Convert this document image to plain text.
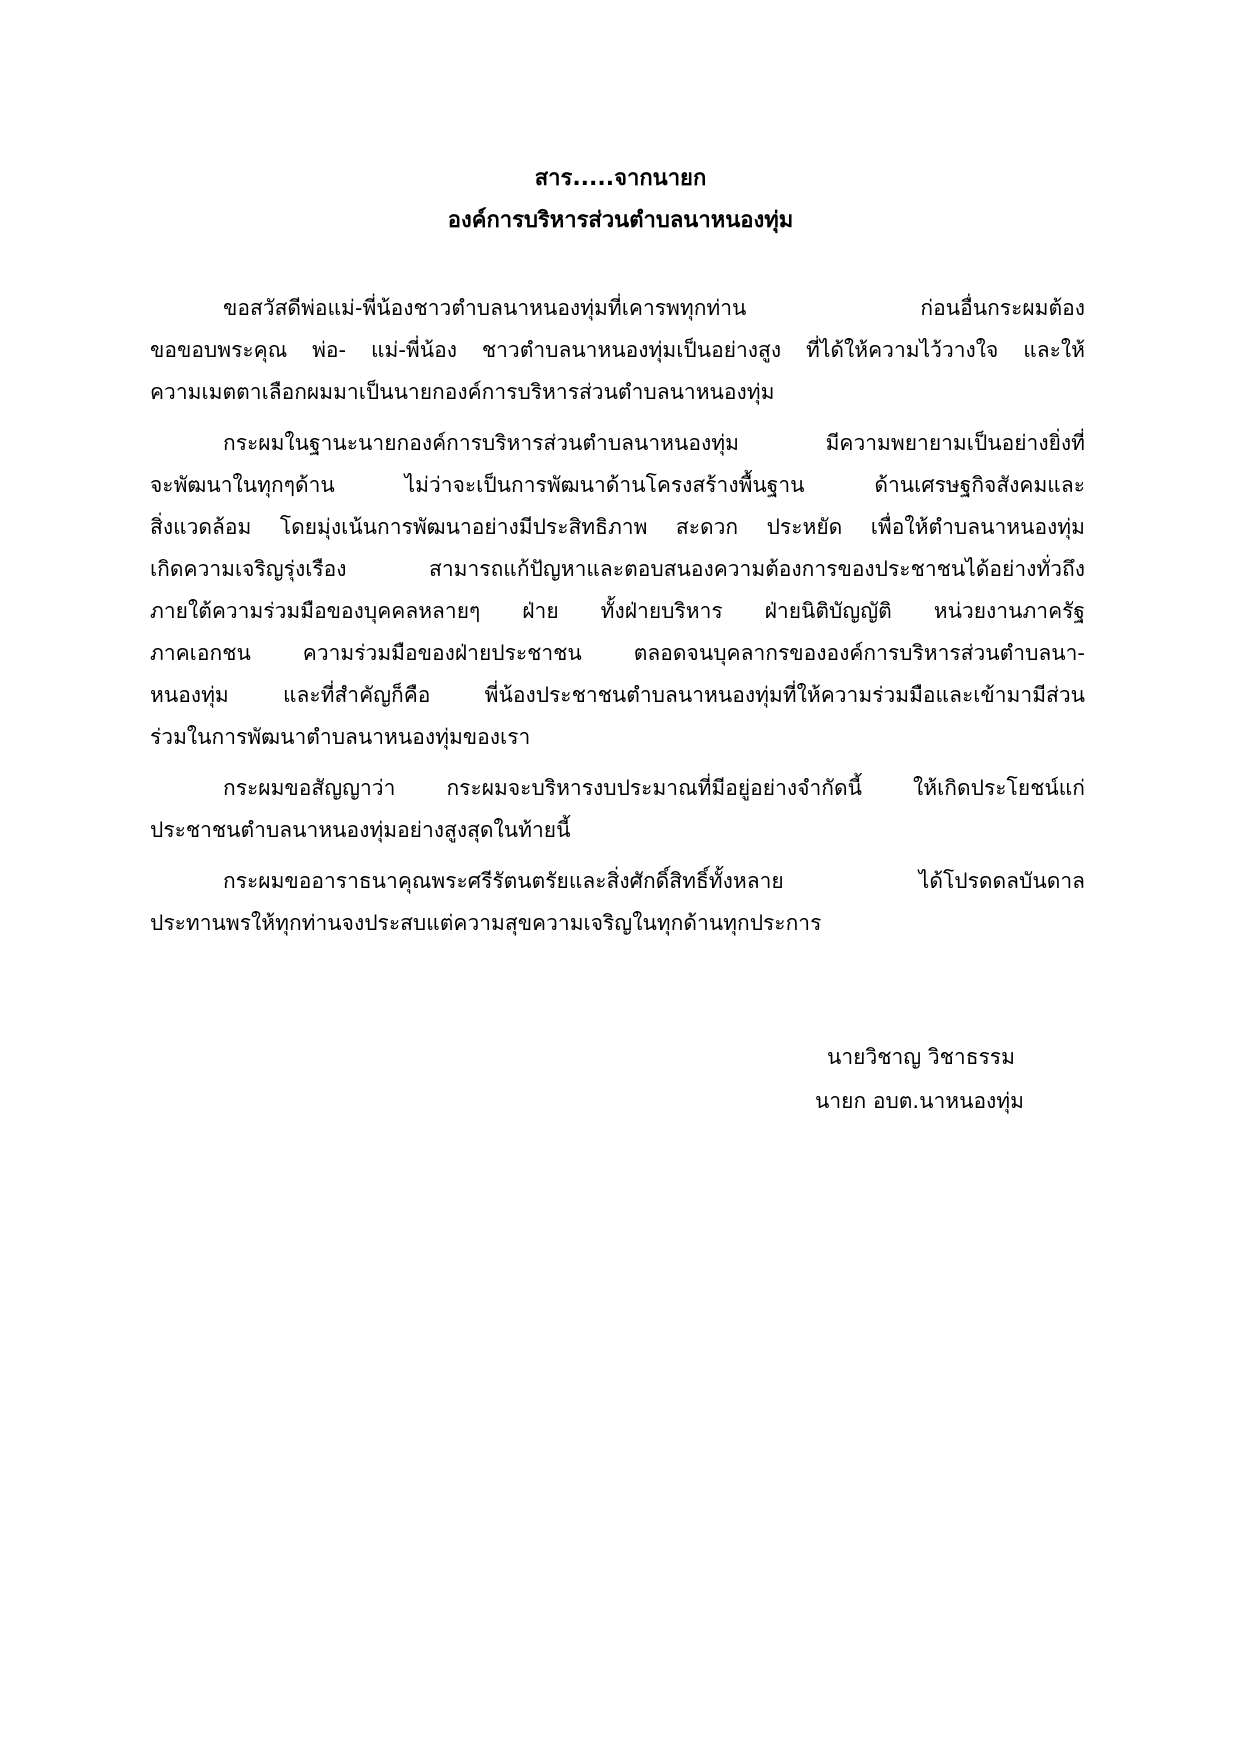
สาร.....จากนายก
องค์การบริหารส่วนตำบลนาหนองทุ่ม
ขอสวัสดีพ่อแม่-พี่น้องชาวตำบลนาหนองทุ่มที่เคารพทุกท่าน ก่อนอื่นกระผมต้อง
ขอขอบพระคุณ พ่อ- แม่-พี่น้อง ชาวตำบลนาหนองทุ่มเป็นอย่างสูง ที่ได้ให้ความไว้วางใจ และให้
ความเมตตาเลือกผมมาเป็นนายกองค์การบริหารส่วนตำบลนาหนองทุ่ม
กระผมในฐานะนายกองค์การบริหารส่วนตำบลนาหนองทุ่ม มีความพยายามเป็นอย่างยิ่งที่
จะพัฒนาในทุกๆด้าน ไม่ว่าจะเป็นการพัฒนาด้านโครงสร้างพื้นฐาน ด้านเศรษฐกิจสังคมและ
สิ่งแวดล้อม โดยมุ่งเน้นการพัฒนาอย่างมีประสิทธิภาพ สะดวก ประหยัด เพื่อให้ตำบลนาหนองทุ่ม
เกิดความเจริญรุ่งเรือง สามารถแก้ปัญหาและตอบสนองความต้องการของประชาชนได้อย่างทั่วถึง
ภายใต้ความร่วมมือของบุคคลหลายๆ ฝ่าย ทั้งฝ่ายบริหาร ฝ่ายนิติบัญญัติ หน่วยงานภาครัฐ
ภาคเอกชน ความร่วมมือของฝ่ายประชาชน ตลอดจนบุคลากรขององค์การบริหารส่วนตำบลนา-
หนองทุ่ม และที่สำคัญก็คือ พี่น้องประชาชนตำบลนาหนองทุ่มที่ให้ความร่วมมือและเข้ามามีส่วน
ร่วมในการพัฒนาตำบลนาหนองทุ่มของเรา
กระผมขอสัญญาว่า กระผมจะบริหารงบประมาณที่มีอยู่อย่างจำกัดนี้ ให้เกิดประโยชน์แก่
ประชาชนตำบลนาหนองทุ่มอย่างสูงสุดในท้ายนี้
กระผมขออาราธนาคุณพระศรีรัตนตรัยและสิ่งศักดิ์สิทธิ์ทั้งหลาย ได้โปรดดลบันดาล
ประทานพรให้ทุกท่านจงประสบแต่ความสุขความเจริญในทุกด้านทุกประการ
นายวิชาญ วิชาธรรม
นายก อบต.นาหนองทุ่ม
